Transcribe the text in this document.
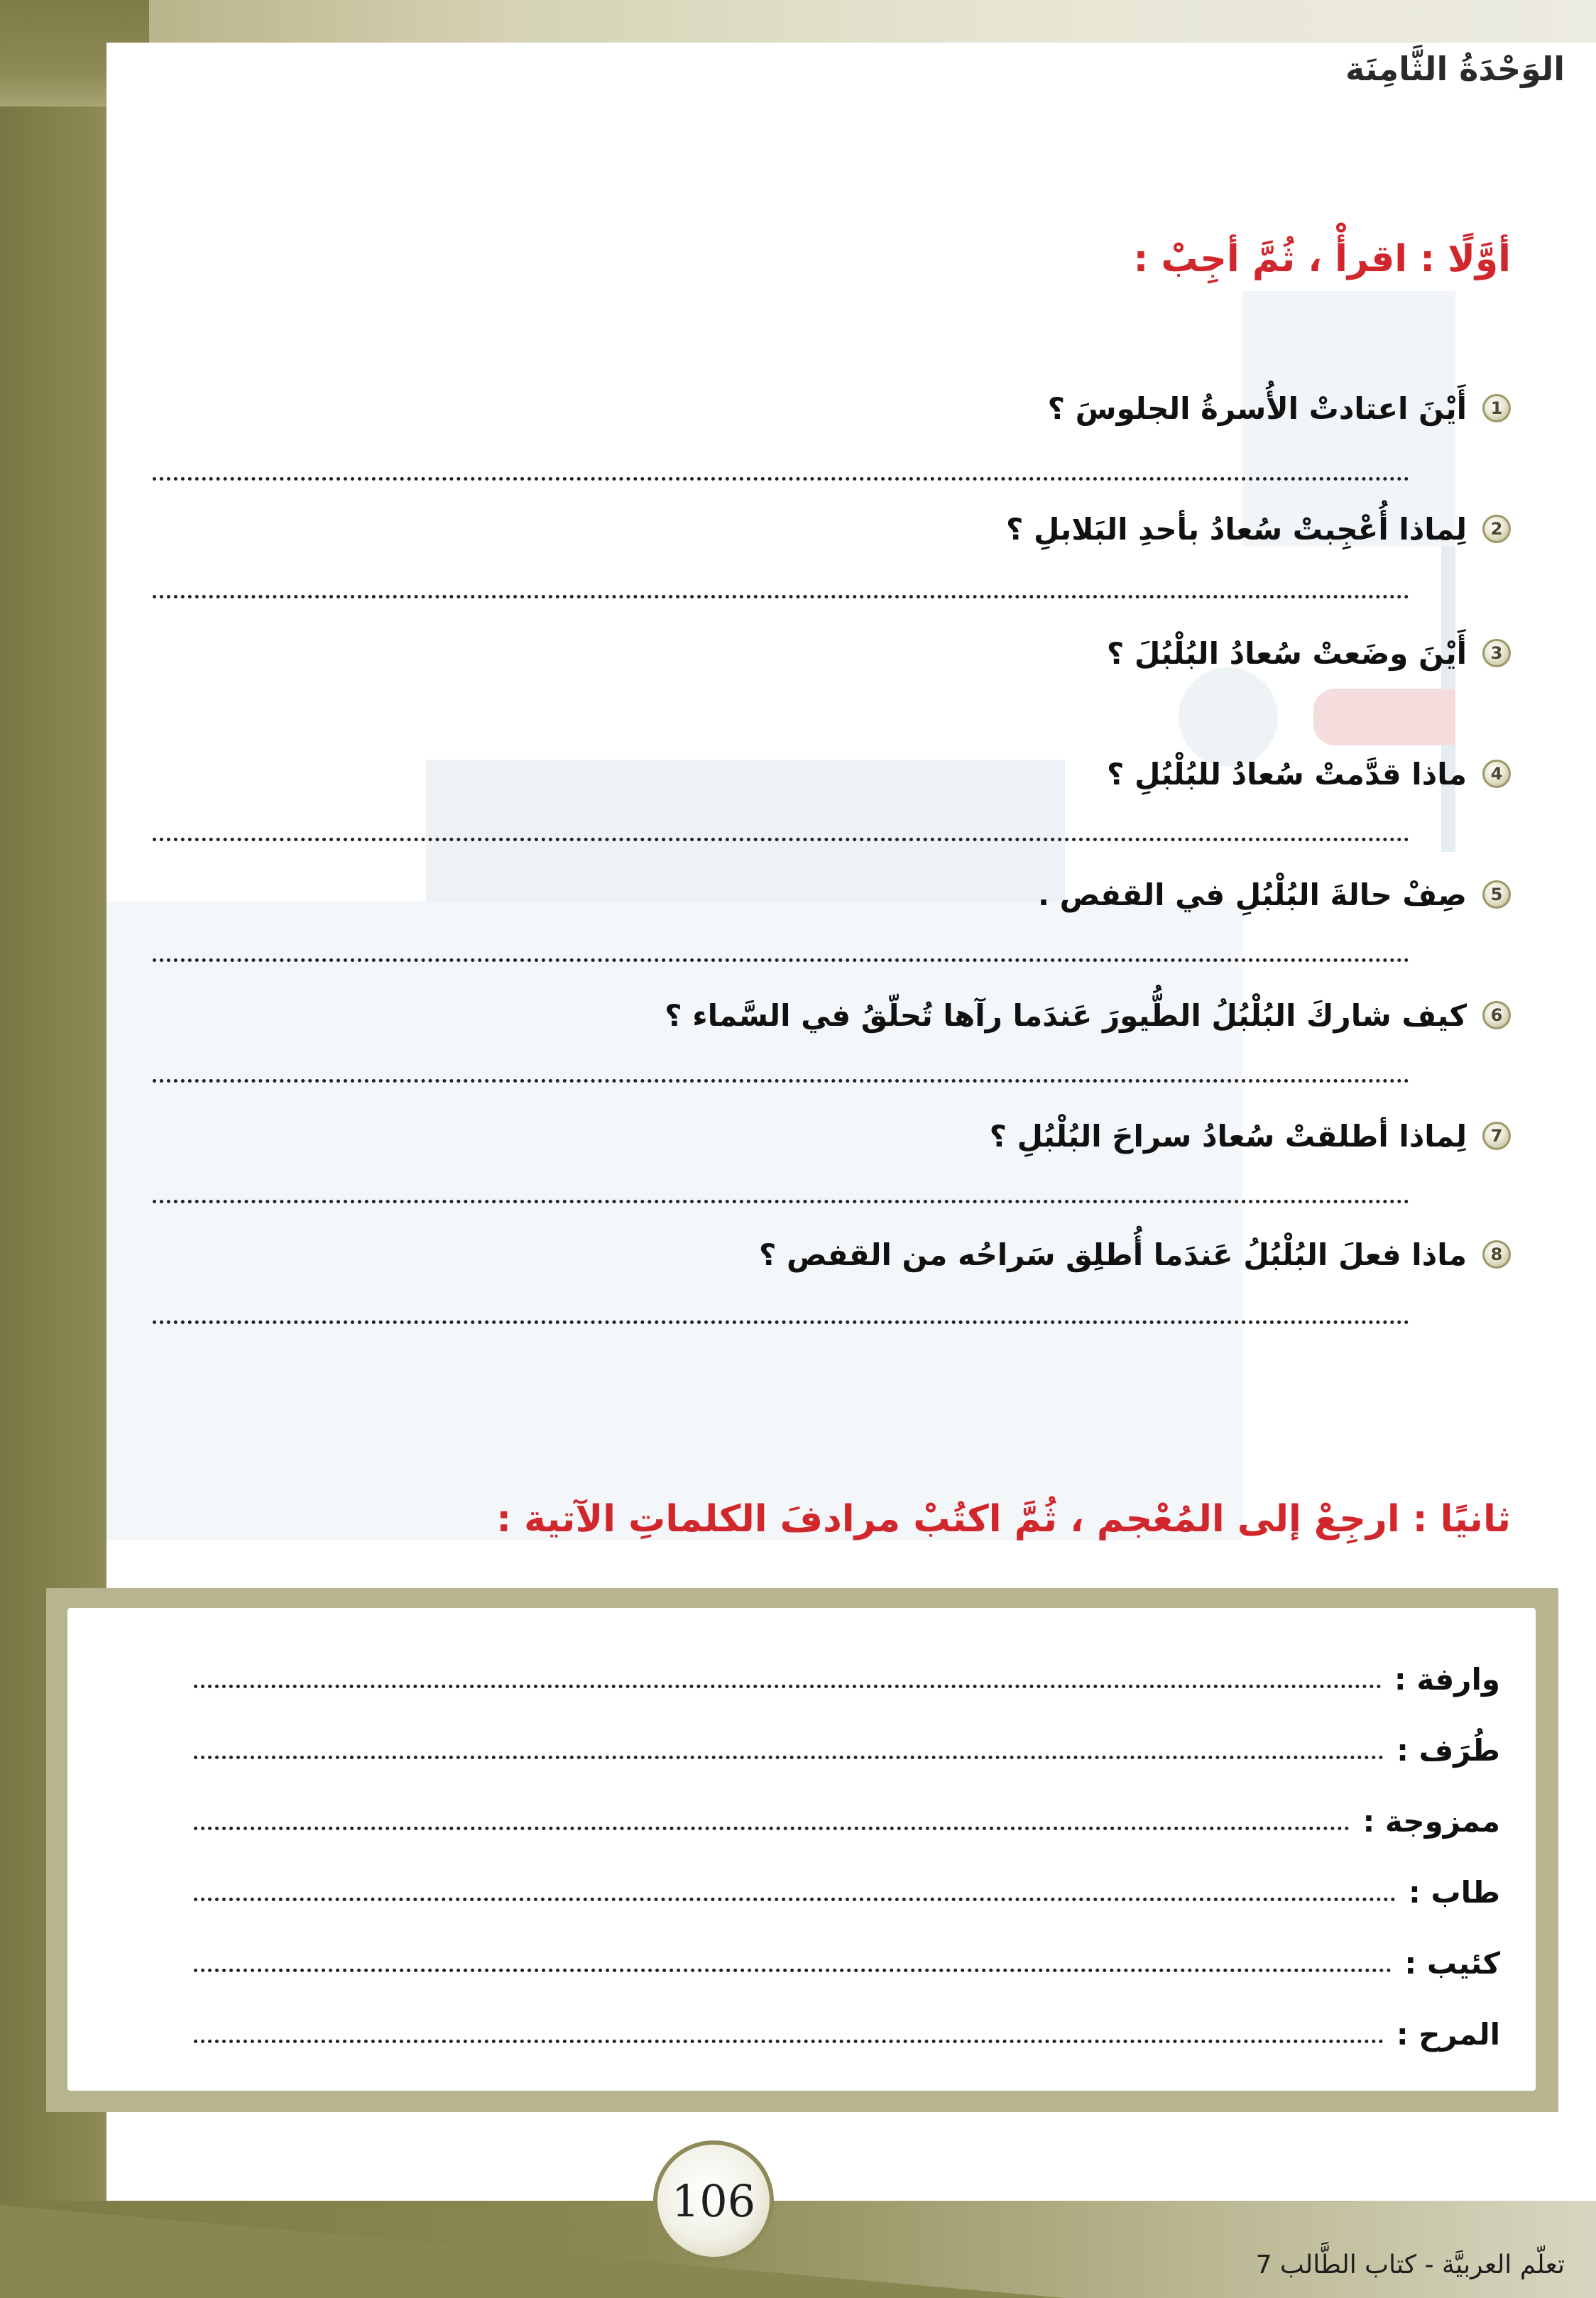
الوَحْدَةُ الثَّامِنَة
أوَّلًا : اقرأْ ، ثُمَّ أجِبْ :
1
أَيْنَ اعتادتْ الأُسرةُ الجلوسَ ؟
2
لِماذا أُعْجِبتْ سُعادُ بأحدِ البَلابلِ ؟
3
أَيْنَ وضَعتْ سُعادُ البُلْبُلَ ؟
4
ماذا قدَّمتْ سُعادُ للبُلْبُلِ ؟
5
صِفْ حالةَ البُلْبُلِ في القفص .
6
كيف شاركَ البُلْبُلُ الطُّيورَ عَندَما رآها تُحلّقُ في السَّماء ؟
7
لِماذا أطلقتْ سُعادُ سراحَ البُلْبُلِ ؟
8
ماذا فعلَ البُلْبُلُ عَندَما أُطلِق سَراحُه من القفص ؟
ثانيًا : ارجِعْ إلى المُعْجم ، ثُمَّ اكتُبْ مرادفَ الكلماتِ الآتية :
وارفة :
طُرَف :
ممزوجة :
طاب :
كئيب :
المرح :
106
تعلّم العربيَّة - كتاب الطَّالب 7
